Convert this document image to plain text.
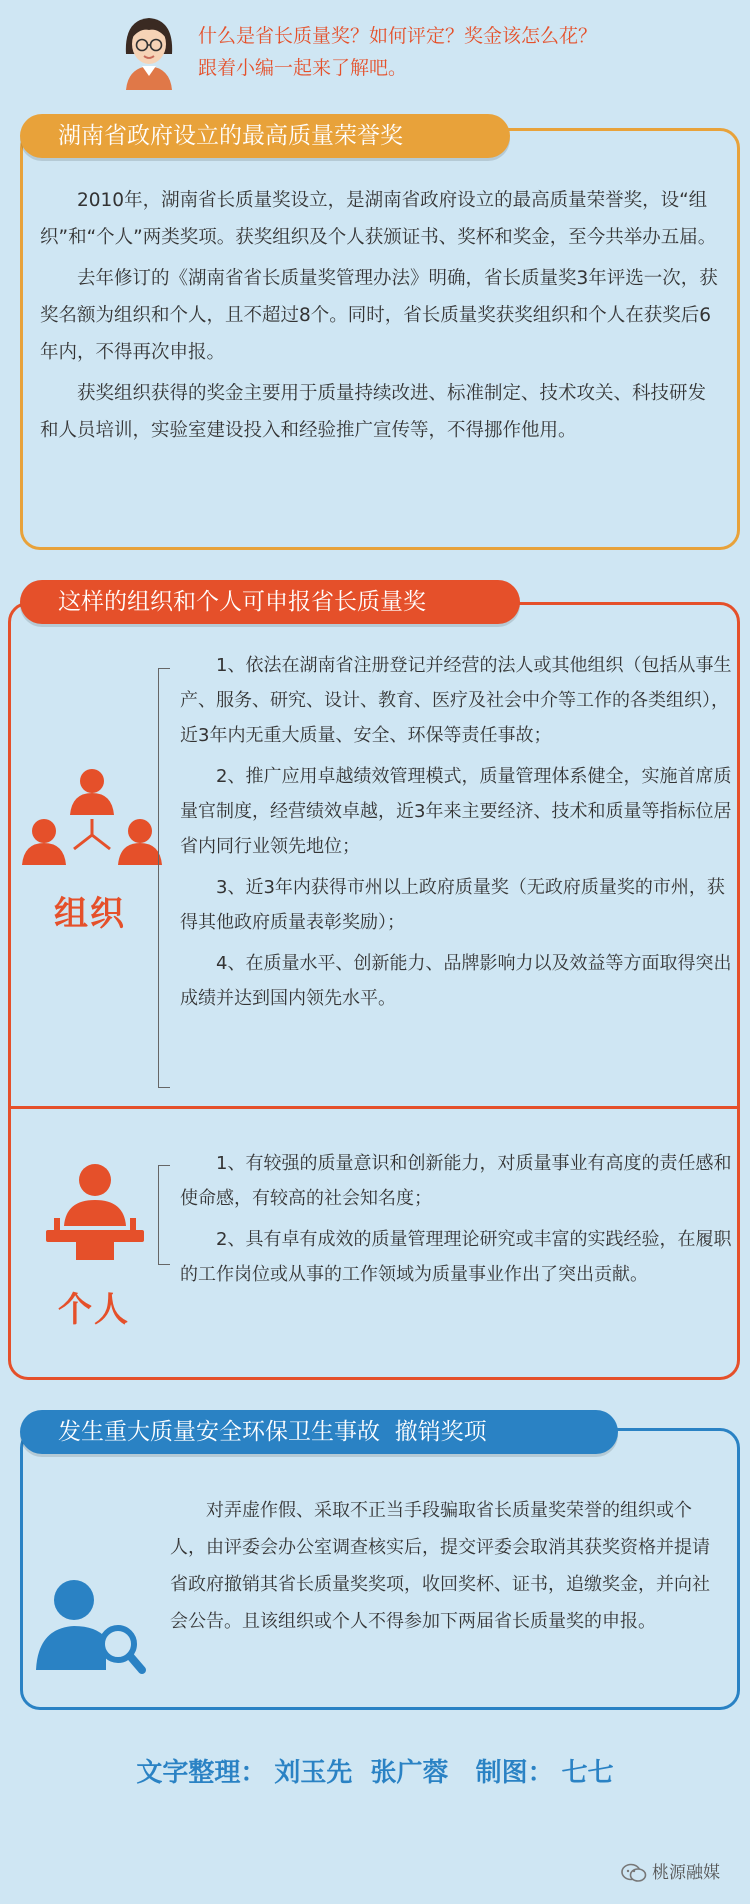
什么是省长质量奖？如何评定？奖金该怎么花？
跟着小编一起来了解吧。
湖南省政府设立的最高质量荣誉奖

2010年，湖南省长质量奖设立，是湖南省政府设立的最高质量荣誉奖，设“组织”和“个人”两类奖项。获奖组织及个人获颁证书、奖杯和奖金，至今共举办五届。

去年修订的《湖南省省长质量奖管理办法》明确，省长质量奖3年评选一次，获奖名额为组织和个人，且不超过8个。同时，省长质量奖获奖组织和个人在获奖后6年内，不得再次申报。

获奖组织获得的奖金主要用于质量持续改进、标准制定、技术攻关、科技研发和人员培训，实验室建设投入和经验推广宣传等，不得挪作他用。

这样的组织和个人可申报省长质量奖
组织

1、依法在湖南省注册登记并经营的法人或其他组织（包括从事生产、服务、研究、设计、教育、医疗及社会中介等工作的各类组织），近3年内无重大质量、安全、环保等责任事故；

2、推广应用卓越绩效管理模式，质量管理体系健全，实施首席质量官制度，经营绩效卓越，近3年来主要经济、技术和质量等指标位居省内同行业领先地位；

3、近3年内获得市州以上政府质量奖（无政府质量奖的市州，获得其他政府质量表彰奖励）；

4、在质量水平、创新能力、品牌影响力以及效益等方面取得突出成绩并达到国内领先水平。

个人

1、有较强的质量意识和创新能力，对质量事业有高度的责任感和使命感，有较高的社会知名度；

2、具有卓有成效的质量管理理论研究或丰富的实践经验，在履职的工作岗位或从事的工作领域为质量事业作出了突出贡献。

发生重大质量安全环保卫生事故  撤销奖项

对弄虚作假、采取不正当手段骗取省长质量奖荣誉的组织或个人，由评委会办公室调查核实后，提交评委会取消其获奖资格并提请省政府撤销其省长质量奖奖项，收回奖杯、证书，追缴奖金，并向社会公告。且该组织或个人不得参加下两届省长质量奖的申报。

文字整理： 刘玉先  张广蓉 制图： 七七
桃源融媒
